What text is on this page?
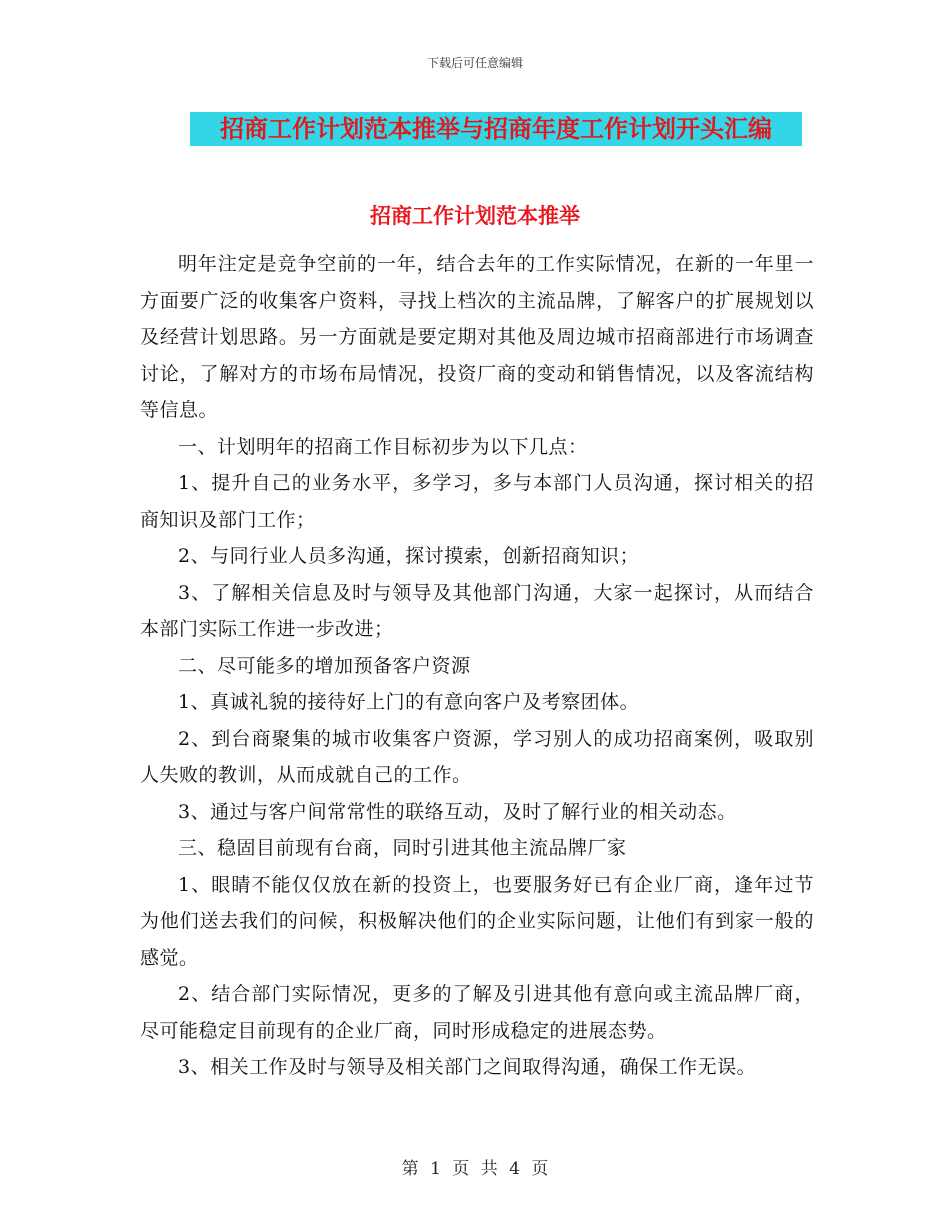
下载后可任意编辑
招商工作计划范本推举与招商年度工作计划开头汇编
招商工作计划范本推举

明年注定是竞争空前的一年，结合去年的工作实际情况，在新的一年里一方面要广泛的收集客户资料，寻找上档次的主流品牌，了解客户的扩展规划以及经营计划思路。另一方面就是要定期对其他及周边城市招商部进行市场调查讨论，了解对方的市场布局情况，投资厂商的变动和销售情况，以及客流结构等信息。

一、计划明年的招商工作目标初步为以下几点：

1、提升自己的业务水平，多学习，多与本部门人员沟通，探讨相关的招商知识及部门工作；

2、与同行业人员多沟通，探讨摸索，创新招商知识；

3、了解相关信息及时与领导及其他部门沟通，大家一起探讨，从而结合本部门实际工作进一步改进；

二、尽可能多的增加预备客户资源

1、真诚礼貌的接待好上门的有意向客户及考察团体。

2、到台商聚集的城市收集客户资源，学习别人的成功招商案例，吸取别人失败的教训，从而成就自己的工作。

3、通过与客户间常常性的联络互动，及时了解行业的相关动态。

三、稳固目前现有台商，同时引进其他主流品牌厂家

1、眼睛不能仅仅放在新的投资上，也要服务好已有企业厂商，逢年过节为他们送去我们的问候，积极解决他们的企业实际问题，让他们有到家一般的感觉。

2、结合部门实际情况，更多的了解及引进其他有意向或主流品牌厂商，尽可能稳定目前现有的企业厂商，同时形成稳定的进展态势。

3、相关工作及时与领导及相关部门之间取得沟通，确保工作无误。

第 1 页 共 4 页
